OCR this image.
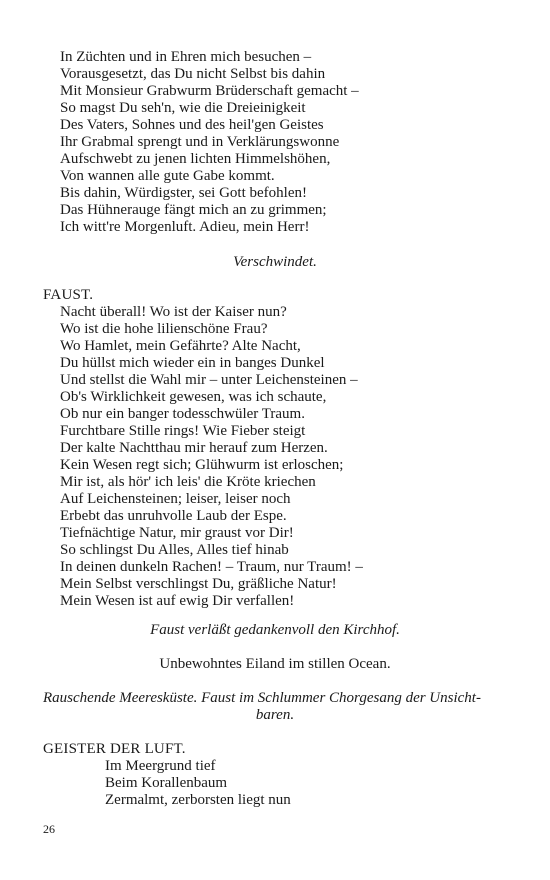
In Züchten und in Ehren mich besuchen –
Vorausgesetzt, das Du nicht Selbst bis dahin
Mit Monsieur Grabwurm Brüderschaft gemacht –
So magst Du seh'n, wie die Dreieinigkeit
Des Vaters, Sohnes und des heil'gen Geistes
Ihr Grabmal sprengt und in Verklärungswonne
Aufschwebt zu jenen lichten Himmelshöhen,
Von wannen alle gute Gabe kommt.
Bis dahin, Würdigster, sei Gott befohlen!
Das Hühnerauge fängt mich an zu grimmen;
Ich witt're Morgenluft. Adieu, mein Herr!
Verschwindet.
FAUST.
Nacht überall! Wo ist der Kaiser nun?
Wo ist die hohe lilienschöne Frau?
Wo Hamlet, mein Gefährte? Alte Nacht,
Du hüllst mich wieder ein in banges Dunkel
Und stellst die Wahl mir – unter Leichensteinen –
Ob's Wirklichkeit gewesen, was ich schaute,
Ob nur ein banger todesschwüler Traum.
Furchtbare Stille rings! Wie Fieber steigt
Der kalte Nachtthau mir herauf zum Herzen.
Kein Wesen regt sich; Glühwurm ist erloschen;
Mir ist, als hör' ich leis' die Kröte kriechen
Auf Leichensteinen; leiser, leiser noch
Erbebt das unruhvolle Laub der Espe.
Tiefnächtige Natur, mir graust vor Dir!
So schlingst Du Alles, Alles tief hinab
In deinen dunkeln Rachen! – Traum, nur Traum! –
Mein Selbst verschlingst Du, gräßliche Natur!
Mein Wesen ist auf ewig Dir verfallen!
Faust verläßt gedankenvoll den Kirchhof.
Unbewohntes Eiland im stillen Ocean.
Rauschende Meeresküste. Faust im Schlummer Chorgesang der Unsicht-
baren.
GEISTER DER LUFT.
Im Meergrund tief
Beim Korallenbaum
Zermalmt, zerborsten liegt nun
26
